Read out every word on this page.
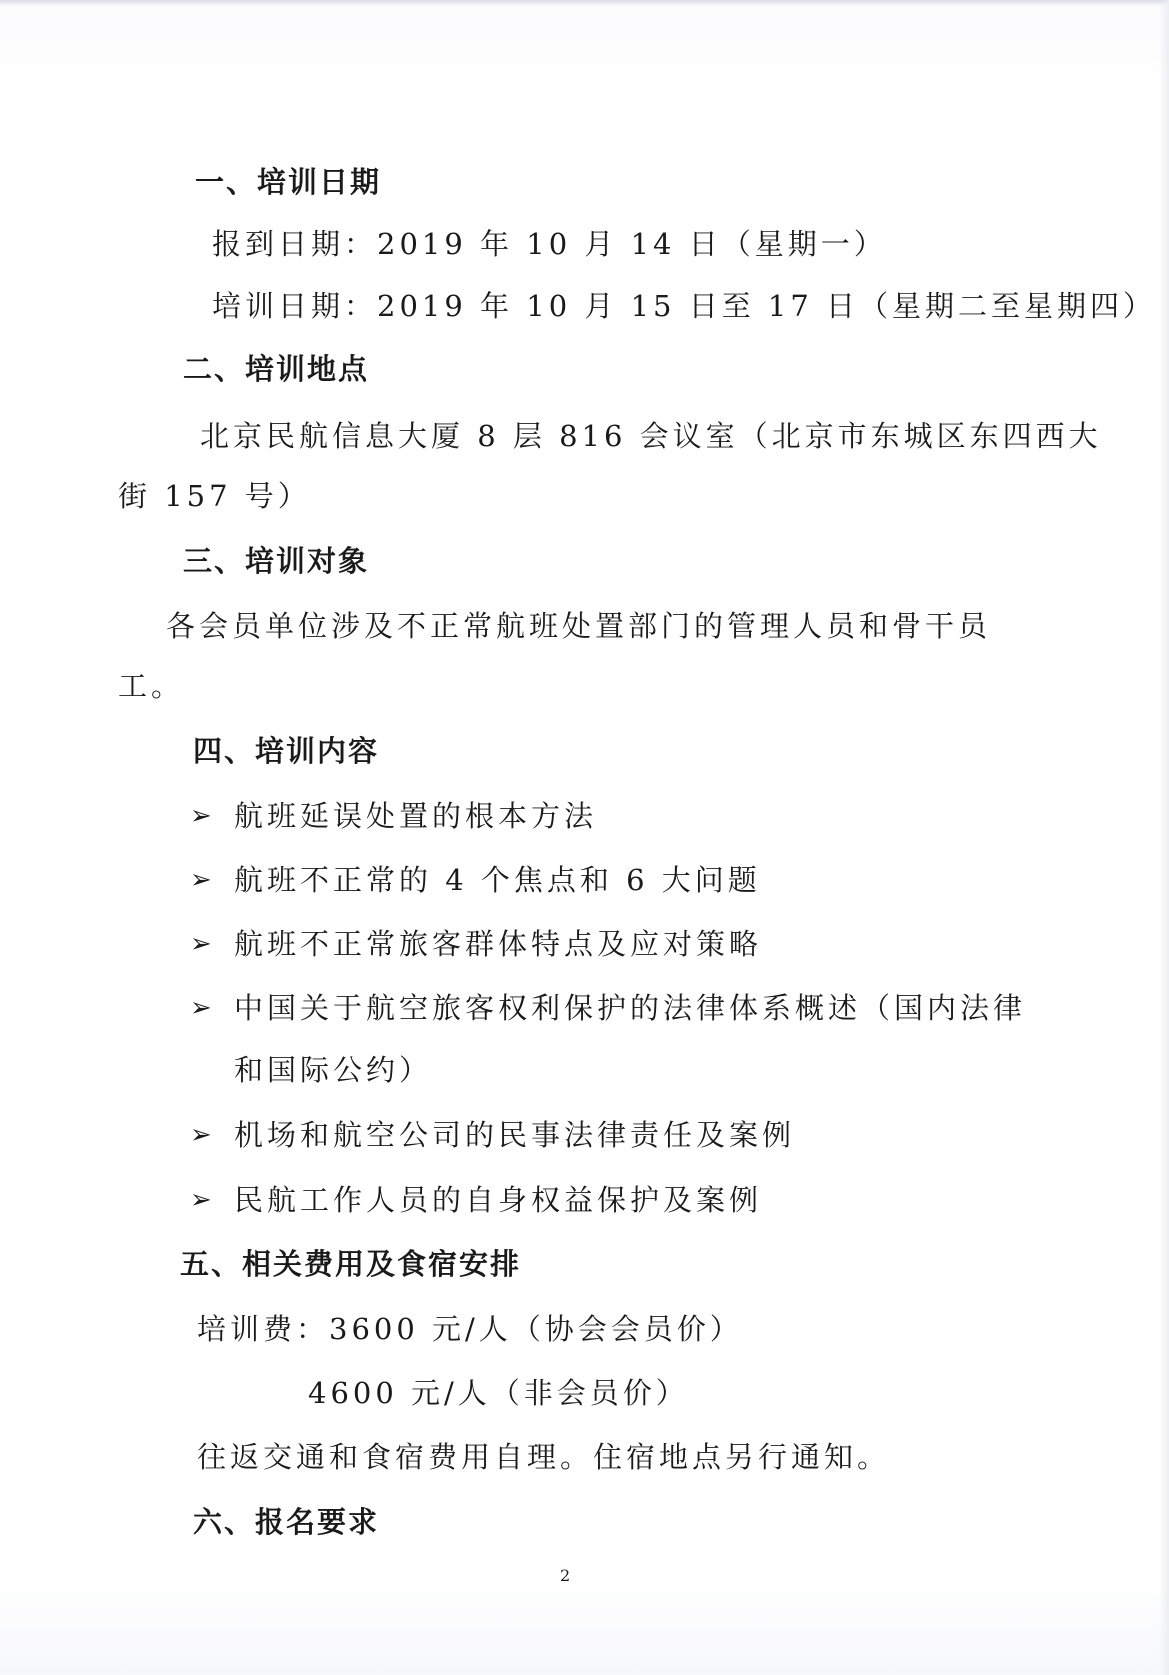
一、培训日期
报到日期：2019 年 10 月 14 日（星期一）
培训日期：2019 年 10 月 15 日至 17 日（星期二至星期四）
二、培训地点
北京民航信息大厦 8 层 816 会议室（北京市东城区东四西大
街 157 号）
三、培训对象
各会员单位涉及不正常航班处置部门的管理人员和骨干员
工。
四、培训内容
➢ 航班延误处置的根本方法
➢ 航班不正常的 4 个焦点和 6 大问题
➢ 航班不正常旅客群体特点及应对策略
➢ 中国关于航空旅客权利保护的法律体系概述（国内法律
和国际公约）
➢ 机场和航空公司的民事法律责任及案例
➢ 民航工作人员的自身权益保护及案例
五、相关费用及食宿安排
培训费：3600 元/人（协会会员价）
4600 元/人（非会员价）
往返交通和食宿费用自理。住宿地点另行通知。
六、报名要求
2
